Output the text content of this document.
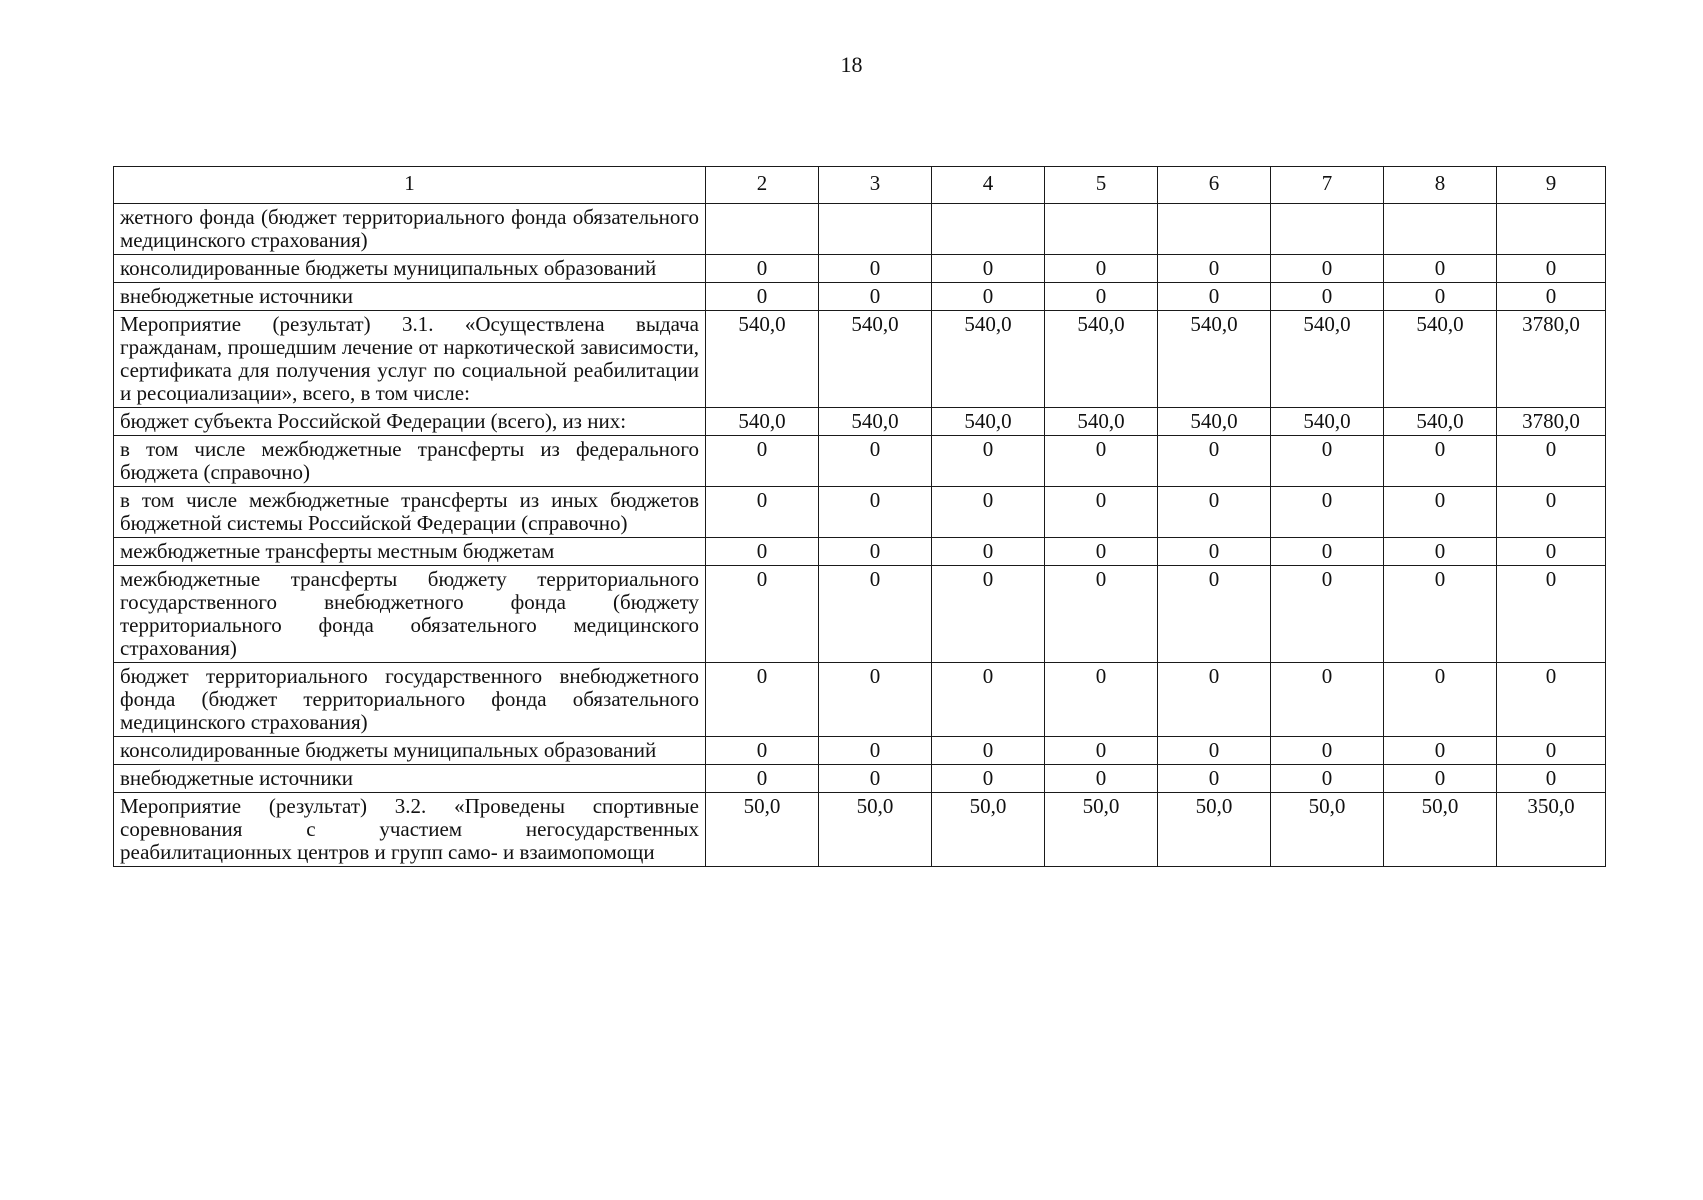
18
1	2	3	4	5	6	7	8	9
жетного фонда (бюджет территориального фонда обязательного медицинского страхования)								
консолидированные бюджеты муниципальных образований	0	0	0	0	0	0	0	0
внебюджетные источники	0	0	0	0	0	0	0	0
Мероприятие (результат) 3.1. «Осуществлена выдача гражданам, прошедшим лечение от наркотической зависимости, сертификата для получения услуг по социальной реабилитации и ресоциализации», всего, в том числе:	540,0	540,0	540,0	540,0	540,0	540,0	540,0	3780,0
бюджет субъекта Российской Федерации (всего), из них:	540,0	540,0	540,0	540,0	540,0	540,0	540,0	3780,0
в том числе межбюджетные трансферты из федерального бюджета (справочно)	0	0	0	0	0	0	0	0
в том числе межбюджетные трансферты из иных бюджетов бюджетной системы Российской Федерации (справочно)	0	0	0	0	0	0	0	0
межбюджетные трансферты местным бюджетам	0	0	0	0	0	0	0	0
межбюджетные трансферты бюджету территориального государственного внебюджетного фонда (бюджету территориального фонда обязательного медицинского страхования)	0	0	0	0	0	0	0	0
бюджет территориального государственного внебюджетного фонда (бюджет территориального фонда обязательного медицинского страхования)	0	0	0	0	0	0	0	0
консолидированные бюджеты муниципальных образований	0	0	0	0	0	0	0	0
внебюджетные источники	0	0	0	0	0	0	0	0
Мероприятие (результат) 3.2. «Проведены спортивные соревнования с участием негосударственных реабилитационных центров и групп само- и взаимопомощи	50,0	50,0	50,0	50,0	50,0	50,0	50,0	350,0
